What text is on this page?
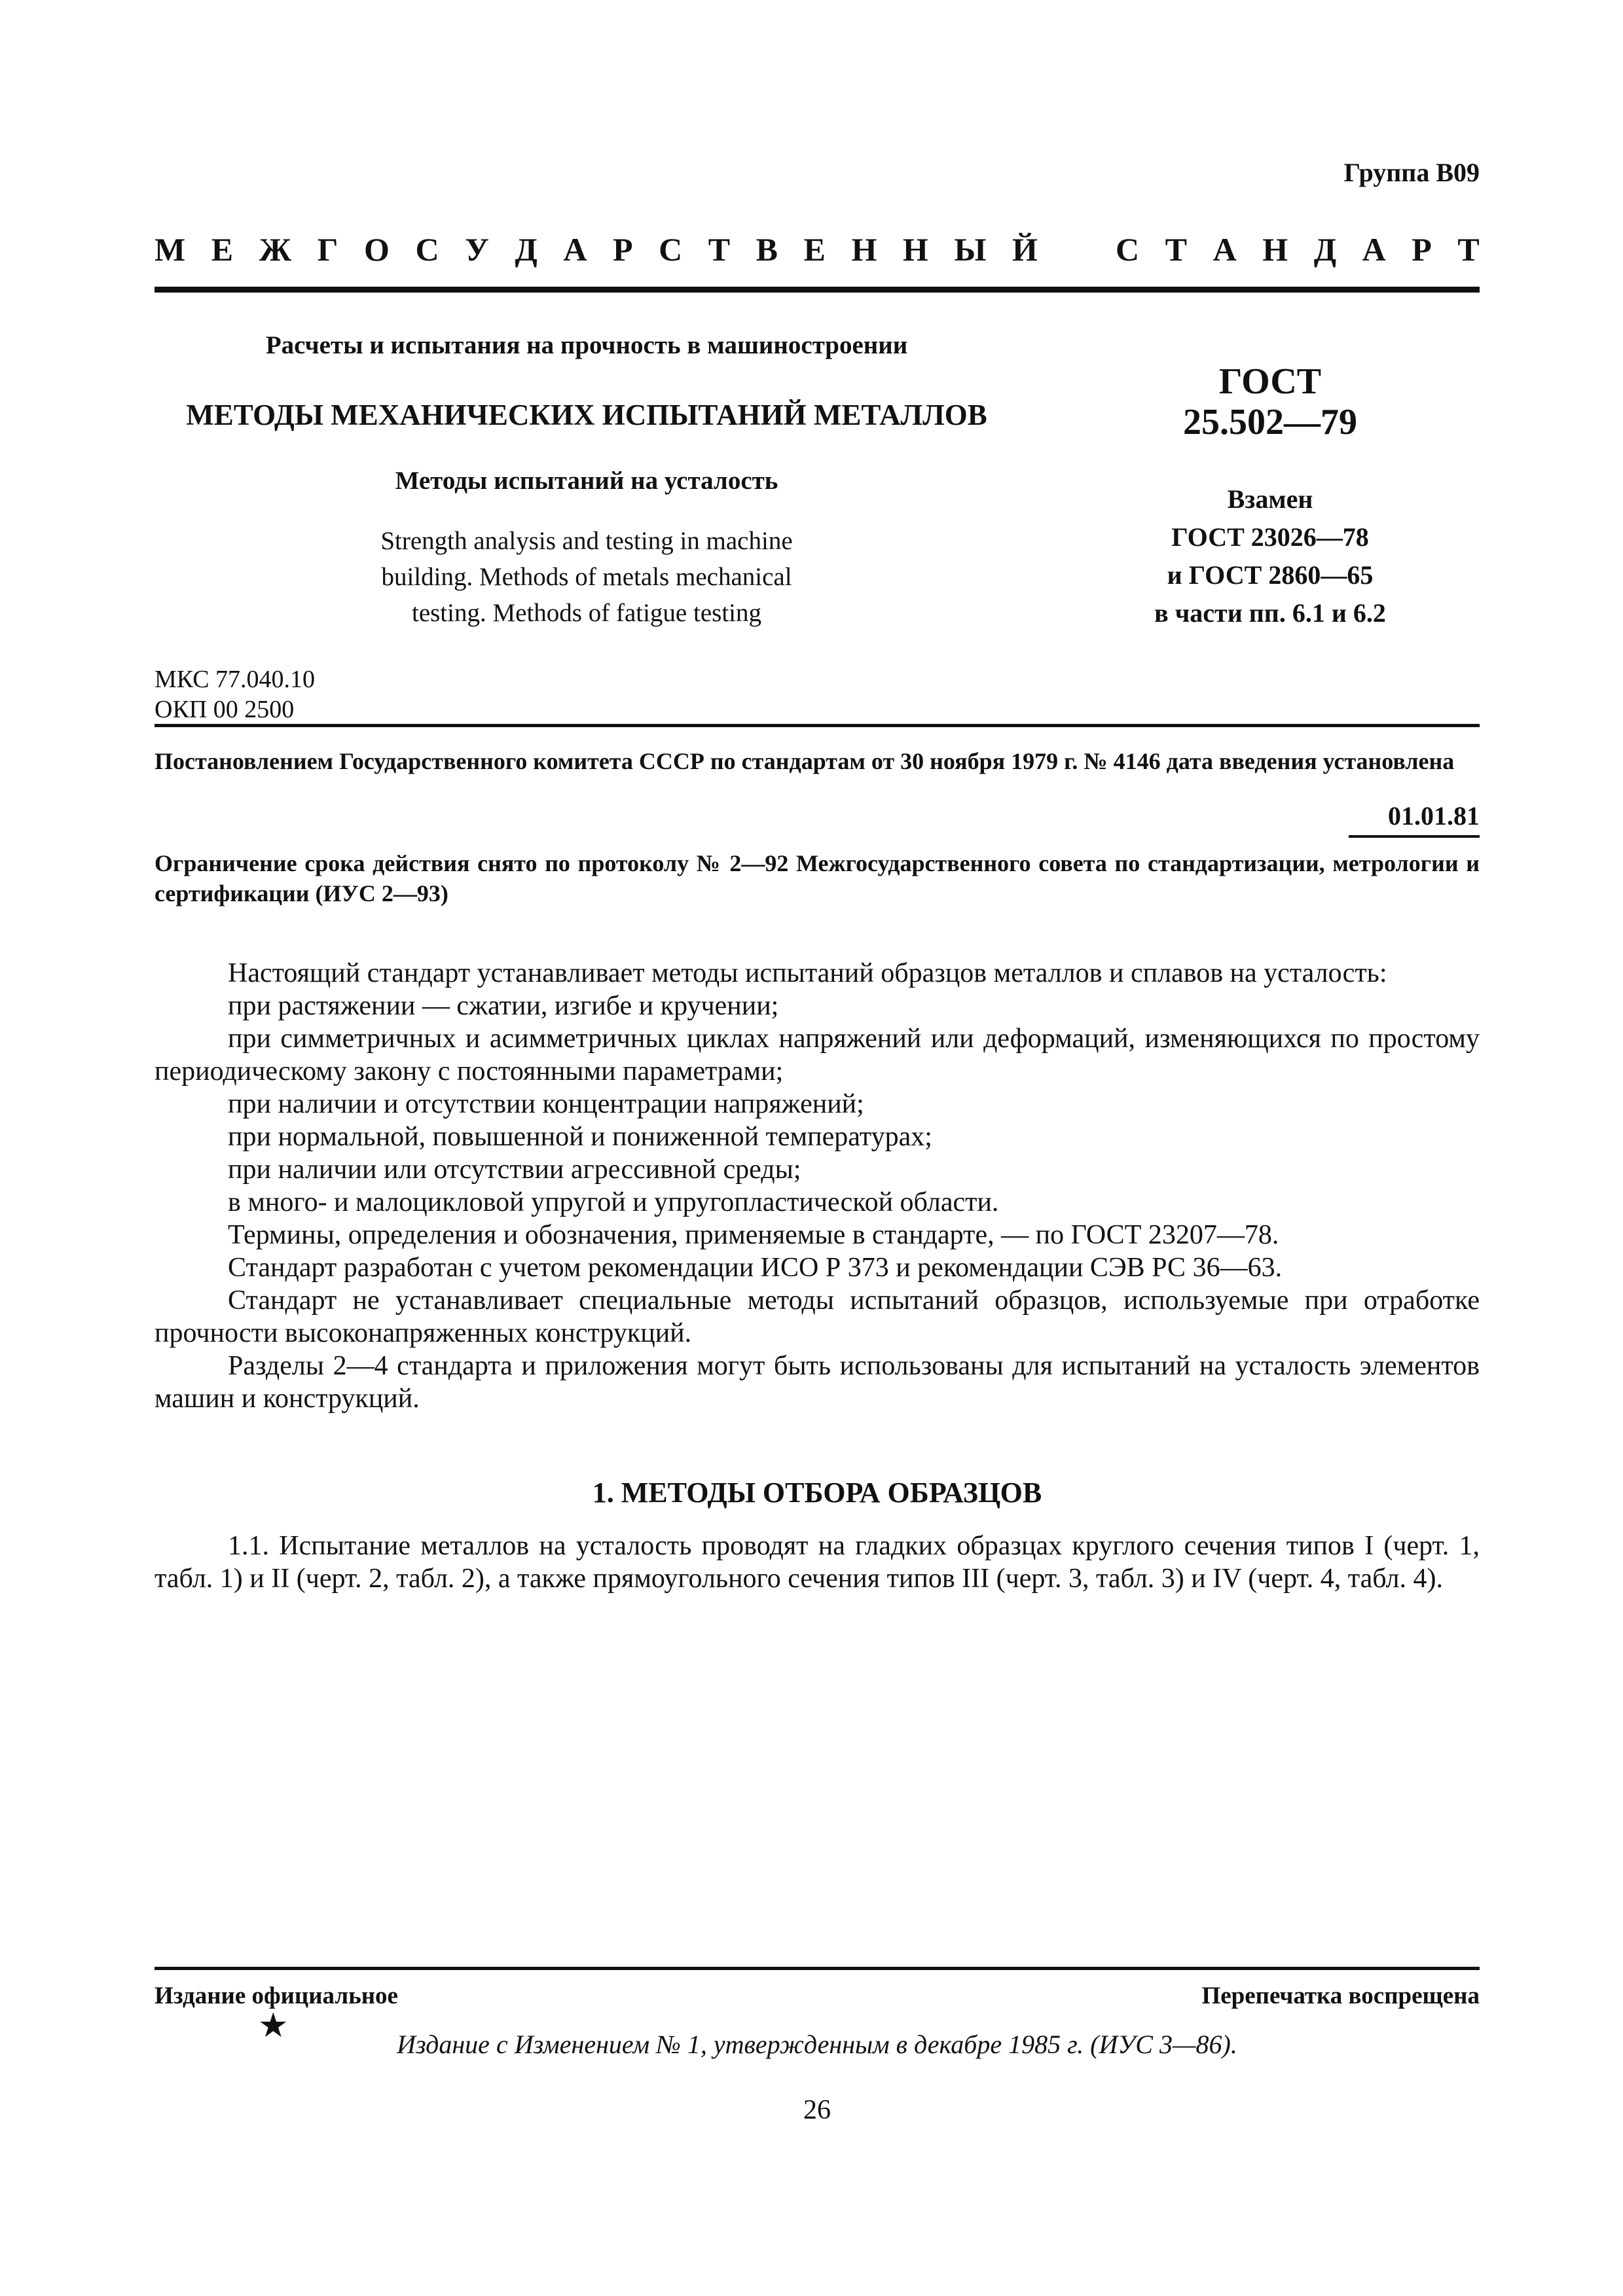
Группа В09
М Е Ж Г О С У Д А Р С Т В Е Н Н Ы Й С Т А Н Д А Р Т
Расчеты и испытания на прочность в машиностроении
МЕТОДЫ МЕХАНИЧЕСКИХ ИСПЫТАНИЙ МЕТАЛЛОВ
Методы испытаний на усталость
Strength analysis and testing in machine
building. Methods of metals mechanical
testing. Methods of fatigue testing
ГОСТ
25.502—79
Взамен
ГОСТ 23026—78
и ГОСТ 2860—65
в части пп. 6.1 и 6.2
МКС 77.040.10
ОКП 00 2500
Постановлением Государственного комитета СССР по стандартам от 30 ноября 1979 г. № 4146 дата введения установлена
01.01.81
Ограничение срока действия снято по протоколу № 2—92 Межгосударственного совета по стандартизации, метрологии и сертификации (ИУС 2—93)

Настоящий стандарт устанавливает методы испытаний образцов металлов и сплавов на усталость:

при растяжении — сжатии, изгибе и кручении;

при симметричных и асимметричных циклах напряжений или деформаций, изменяющихся по простому периодическому закону с постоянными параметрами;

при наличии и отсутствии концентрации напряжений;

при нормальной, повышенной и пониженной температурах;

при наличии или отсутствии агрессивной среды;

в много- и малоцикловой упругой и упругопластической области.

Термины, определения и обозначения, применяемые в стандарте, — по ГОСТ 23207—78.

Стандарт разработан с учетом рекомендации ИСО Р 373 и рекомендации СЭВ РС 36—63.

Стандарт не устанавливает специальные методы испытаний образцов, используемые при отработке прочности высоконапряженных конструкций.

Разделы 2—4 стандарта и приложения могут быть использованы для испытаний на усталость элементов машин и конструкций.

1. МЕТОДЫ ОТБОРА ОБРАЗЦОВ

1.1. Испытание металлов на усталость проводят на гладких образцах круглого сечения типов I (черт. 1, табл. 1) и II (черт. 2, табл. 2), а также прямоугольного сечения типов III (черт. 3, табл. 3) и IV (черт. 4, табл. 4).

Издание официальное	Перепечатка воспрещена
★	Издание с Изменением № 1, утвержденным в декабре 1985 г. (ИУС 3—86).
26
